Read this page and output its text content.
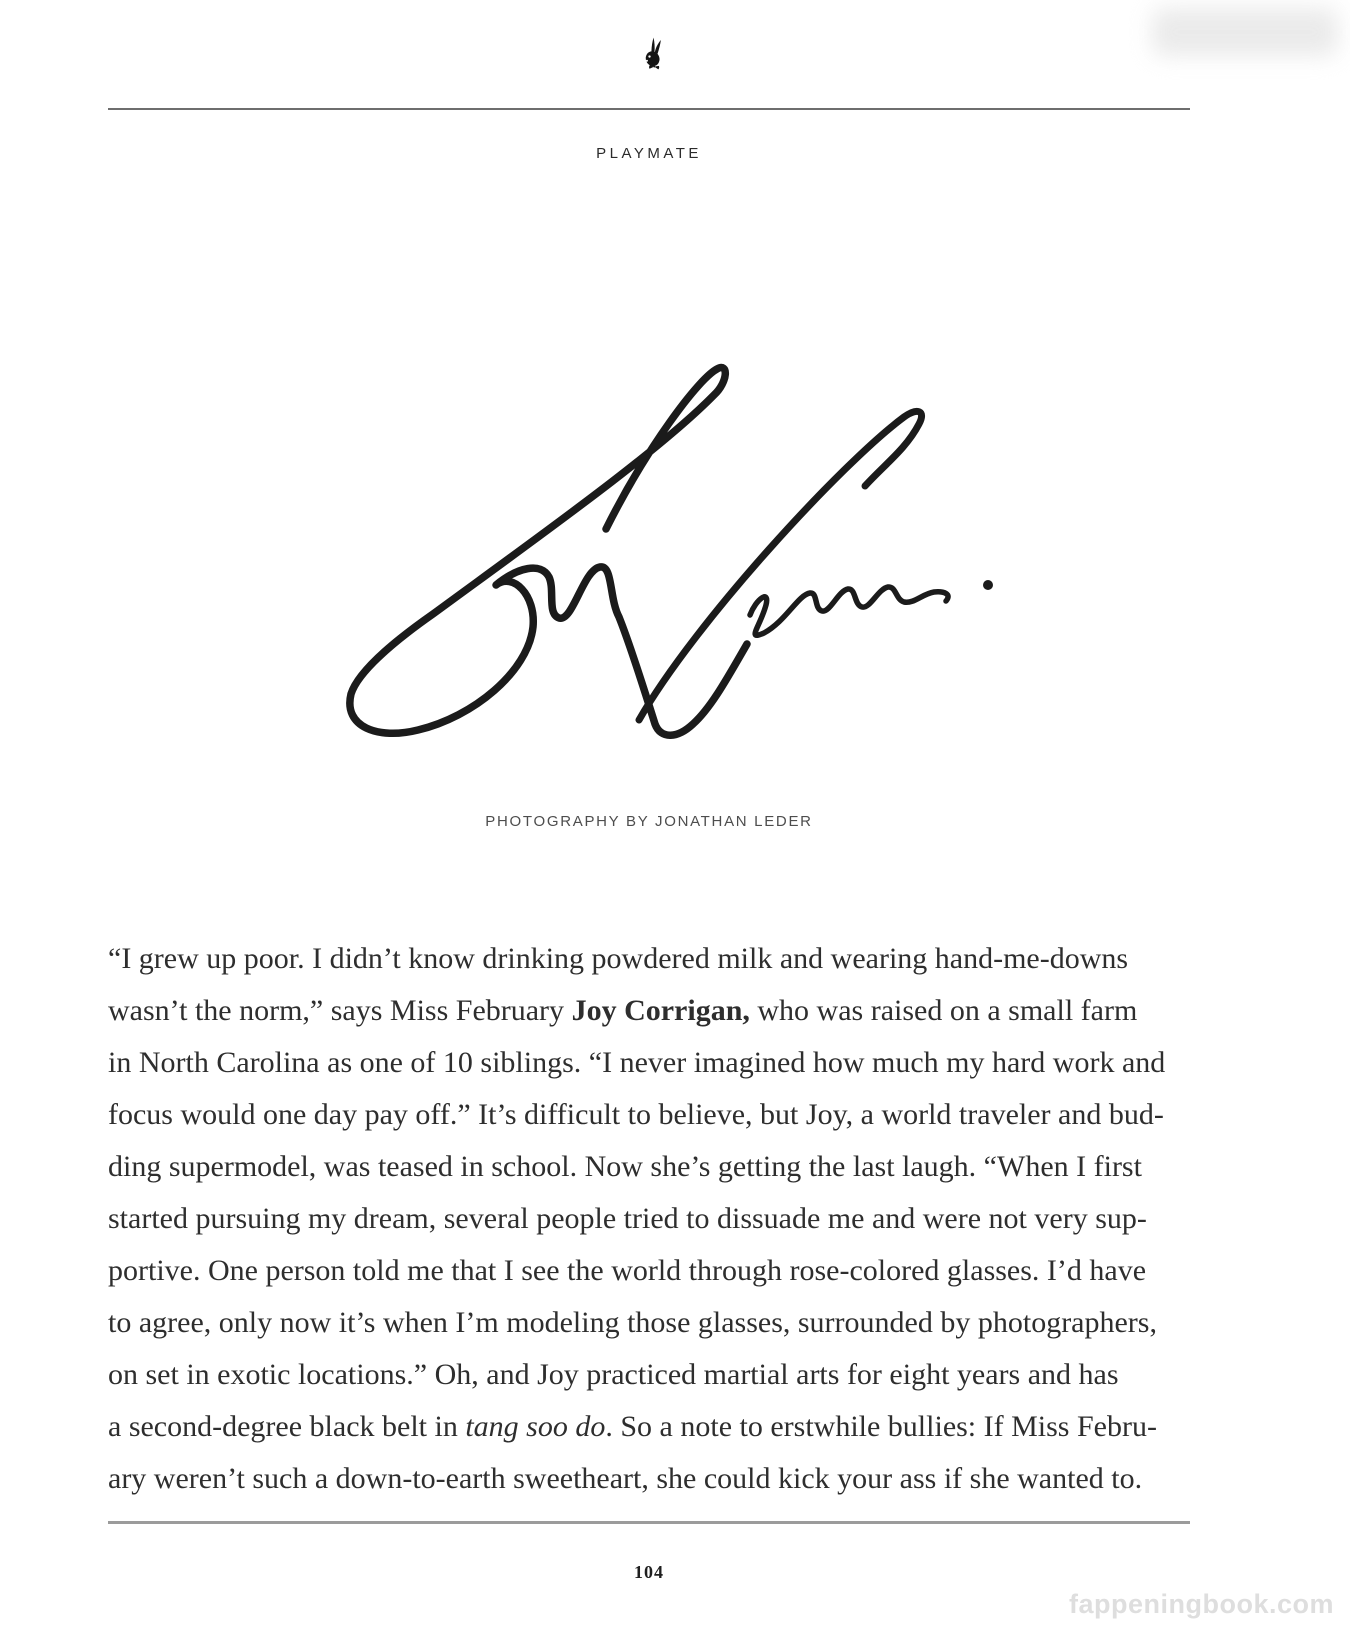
PLAYMATE
PHOTOGRAPHY BY JONATHAN LEDER
“I grew up poor. I didn’t know drinking powdered milk and wearing hand-me-downs
wasn’t the norm,” says Miss February Joy Corrigan, who was raised on a small farm
in North Carolina as one of 10 siblings. “I never imagined how much my hard work and
focus would one day pay off.” It’s difficult to believe, but Joy, a world traveler and bud-
ding supermodel, was teased in school. Now she’s getting the last laugh. “When I first
started pursuing my dream, several people tried to dissuade me and were not very sup-
portive. One person told me that I see the world through rose-colored glasses. I’d have
to agree, only now it’s when I’m modeling those glasses, surrounded by photographers,
on set in exotic locations.” Oh, and Joy practiced martial arts for eight years and has
a second-degree black belt in tang soo do. So a note to erstwhile bullies: If Miss Febru-
ary weren’t such a down-to-earth sweetheart, she could kick your ass if she wanted to.
104
fappeningbook.com
